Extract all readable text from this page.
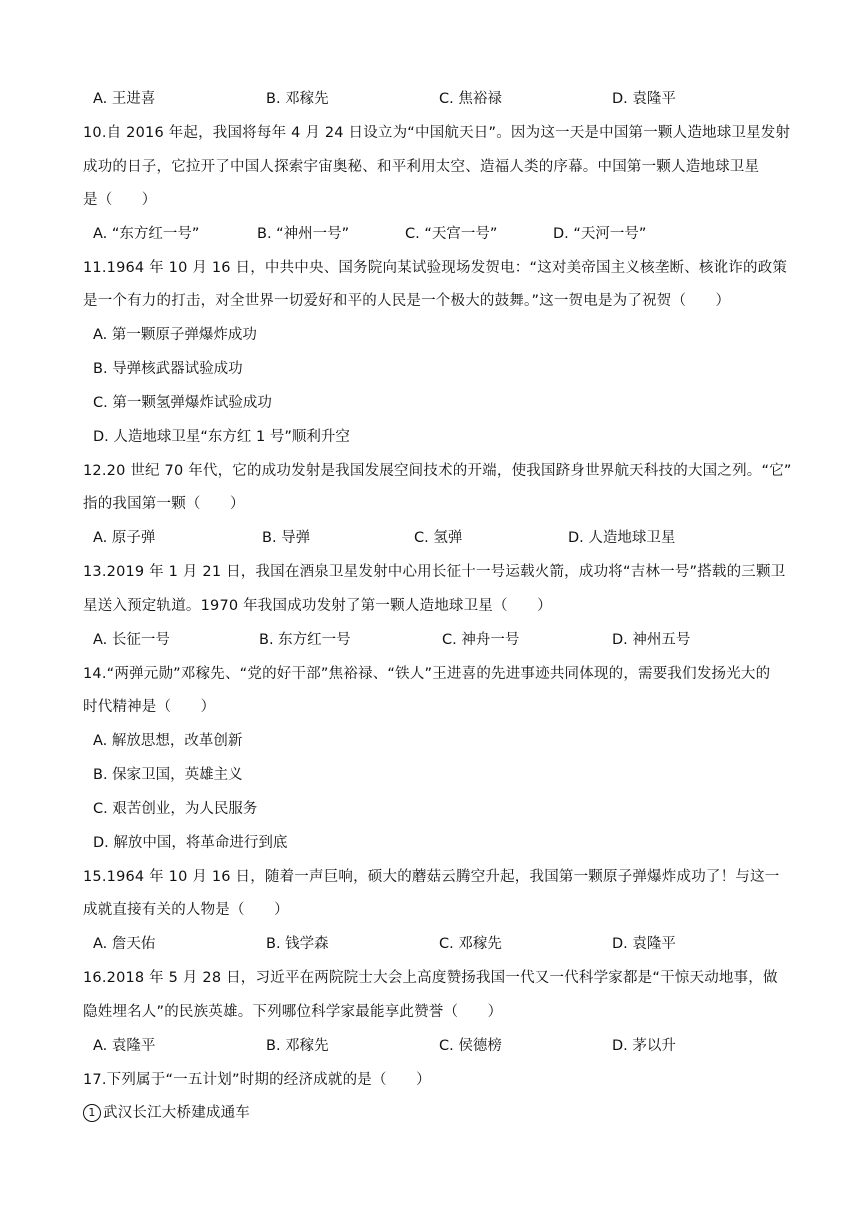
A. 王进喜	B. 邓稼先	C. 焦裕禄	D. 袁隆平
10.自 2016 年起，我国将每年 4 月 24 日设立为“中国航天日”。因为这一天是中国第一颗人造地球卫星发射
成功的日子，它拉开了中国人探索宇宙奥秘、和平利用太空、造福人类的序幕。中国第一颗人造地球卫星
是（　　）
A. “东方红一号”	B. “神州一号”	C. “天宫一号”	D. “天河一号”
11.1964 年 10 月 16 日，中共中央、国务院向某试验现场发贺电：“这对美帝国主义核垄断、核讹诈的政策
是一个有力的打击，对全世界一切爱好和平的人民是一个极大的鼓舞。”这一贺电是为了祝贺（　　）
A. 第一颗原子弹爆炸成功
B. 导弹核武器试验成功
C. 第一颗氢弹爆炸试验成功
D. 人造地球卫星“东方红 1 号”顺利升空
12.20 世纪 70 年代，它的成功发射是我国发展空间技术的开端，使我国跻身世界航天科技的大国之列。“它”
指的我国第一颗（　　）
A. 原子弹	B. 导弹	C. 氢弹	D. 人造地球卫星
13.2019 年 1 月 21 日，我国在酒泉卫星发射中心用长征十一号运载火箭，成功将“吉林一号”搭载的三颗卫
星送入预定轨道。1970 年我国成功发射了第一颗人造地球卫星（　　）
A. 长征一号	B. 东方红一号	C. 神舟一号	D. 神州五号
14.“两弹元勋”邓稼先、“党的好干部”焦裕禄、“铁人”王进喜的先进事迹共同体现的，需要我们发扬光大的
时代精神是（　　）
A. 解放思想，改革创新
B. 保家卫国，英雄主义
C. 艰苦创业，为人民服务
D. 解放中国，将革命进行到底
15.1964 年 10 月 16 日，随着一声巨响，硕大的蘑菇云腾空升起，我国第一颗原子弹爆炸成功了！与这一
成就直接有关的人物是（　　）
A. 詹天佑	B. 钱学森	C. 邓稼先	D. 袁隆平
16.2018 年 5 月 28 日，习近平在两院院士大会上高度赞扬我国一代又一代科学家都是“干惊天动地事，做
隐姓埋名人”的民族英雄。下列哪位科学家最能享此赞誉（　　）
A. 袁隆平	B. 邓稼先	C. 侯德榜	D. 茅以升
17.下列属于“一五计划”时期的经济成就的是（　　）
1 武汉长江大桥建成通车
